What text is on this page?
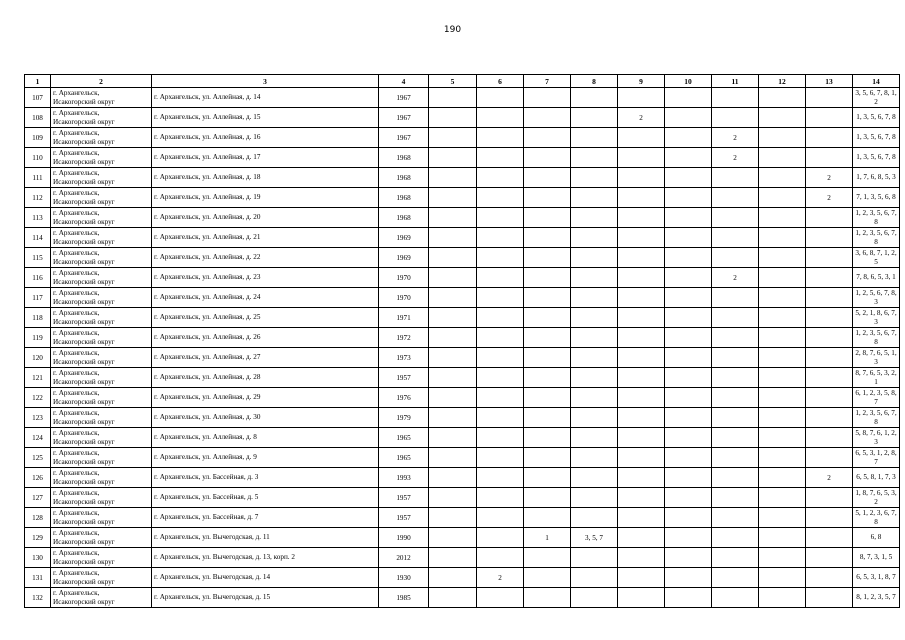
190
1	2	3	4	5	6	7	8	9	10	11	12	13	14
107	г. Архангельск,
Исакогорский округ	г. Архангельск, ул. Аллейная, д. 14	1967										3, 5, 6, 7, 8, 1, 2
108	г. Архангельск,
Исакогорский округ	г. Архангельск, ул. Аллейная, д. 15	1967					2					1, 3, 5, 6, 7, 8
109	г. Архангельск,
Исакогорский округ	г. Архангельск, ул. Аллейная, д. 16	1967							2			1, 3, 5, 6, 7, 8
110	г. Архангельск,
Исакогорский округ	г. Архангельск, ул. Аллейная, д. 17	1968							2			1, 3, 5, 6, 7, 8
111	г. Архангельск,
Исакогорский округ	г. Архангельск, ул. Аллейная, д. 18	1968									2	1, 7, 6, 8, 5, 3
112	г. Архангельск,
Исакогорский округ	г. Архангельск, ул. Аллейная, д. 19	1968									2	7, 1, 3, 5, 6, 8
113	г. Архангельск,
Исакогорский округ	г. Архангельск, ул. Аллейная, д. 20	1968										1, 2, 3, 5, 6, 7, 8
114	г. Архангельск,
Исакогорский округ	г. Архангельск, ул. Аллейная, д. 21	1969										1, 2, 3, 5, 6, 7, 8
115	г. Архангельск,
Исакогорский округ	г. Архангельск, ул. Аллейная, д. 22	1969										3, 6, 8, 7, 1, 2, 5
116	г. Архангельск,
Исакогорский округ	г. Архангельск, ул. Аллейная, д. 23	1970							2			7, 8, 6, 5, 3, 1
117	г. Архангельск,
Исакогорский округ	г. Архангельск, ул. Аллейная, д. 24	1970										1, 2, 5, 6, 7, 8, 3
118	г. Архангельск,
Исакогорский округ	г. Архангельск, ул. Аллейная, д. 25	1971										5, 2, 1, 8, 6, 7, 3
119	г. Архангельск,
Исакогорский округ	г. Архангельск, ул. Аллейная, д. 26	1972										1, 2, 3, 5, 6, 7, 8
120	г. Архангельск,
Исакогорский округ	г. Архангельск, ул. Аллейная, д. 27	1973										2, 8, 7, 6, 5, 1, 3
121	г. Архангельск,
Исакогорский округ	г. Архангельск, ул. Аллейная, д. 28	1957										8, 7, 6, 5, 3, 2, 1
122	г. Архангельск,
Исакогорский округ	г. Архангельск, ул. Аллейная, д. 29	1976										6, 1, 2, 3, 5, 8, 7
123	г. Архангельск,
Исакогорский округ	г. Архангельск, ул. Аллейная, д. 30	1979										1, 2, 3, 5, 6, 7, 8
124	г. Архангельск,
Исакогорский округ	г. Архангельск, ул. Аллейная, д. 8	1965										5, 8, 7, 6, 1, 2, 3
125	г. Архангельск,
Исакогорский округ	г. Архангельск, ул. Аллейная, д. 9	1965										6, 5, 3, 1, 2, 8, 7
126	г. Архангельск,
Исакогорский округ	г. Архангельск, ул. Бассейная, д. 3	1993									2	6, 5, 8, 1, 7, 3
127	г. Архангельск,
Исакогорский округ	г. Архангельск, ул. Бассейная, д. 5	1957										1, 8, 7, 6, 5, 3, 2
128	г. Архангельск,
Исакогорский округ	г. Архангельск, ул. Бассейная, д. 7	1957										5, 1, 2, 3, 6, 7, 8
129	г. Архангельск,
Исакогорский округ	г. Архангельск, ул. Вычегодская, д. 11	1990			1	3, 5, 7						6, 8
130	г. Архангельск,
Исакогорский округ	г. Архангельск, ул. Вычегодская, д. 13, корп. 2	2012										8, 7, 3, 1, 5
131	г. Архангельск,
Исакогорский округ	г. Архангельск, ул. Вычегодская, д. 14	1930		2								6, 5, 3, 1, 8, 7
132	г. Архангельск,
Исакогорский округ	г. Архангельск, ул. Вычегодская, д. 15	1985										8, 1, 2, 3, 5, 7
